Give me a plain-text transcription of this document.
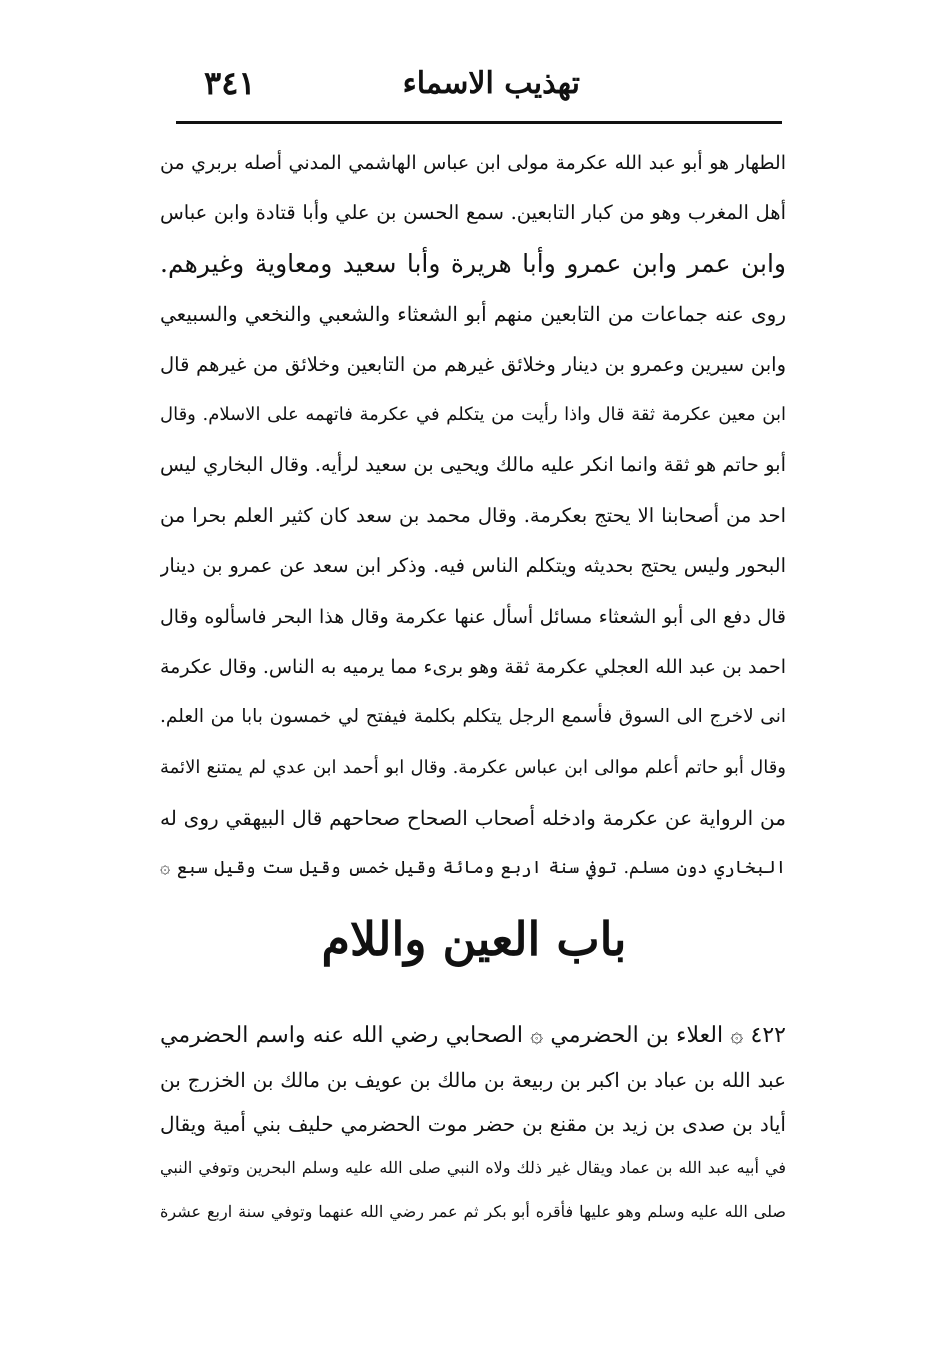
تهذيب الاسماء
٣٤١
الطهار هو أبو عبد الله عكرمة مولى ابن عباس الهاشمي المدني أصله بربري من
أهل المغرب وهو من كبار التابعين. سمع الحسن بن علي وأبا قتادة وابن عباس
وابن عمر وابن عمرو وأبا هريرة وأبا سعيد ومعاوية وغيرهم.
روى عنه جماعات من التابعين منهم أبو الشعثاء والشعبي والنخعي والسبيعي
وابن سيرين وعمرو بن دينار وخلائق غيرهم من التابعين وخلائق من غيرهم قال
ابن معين عكرمة ثقة قال واذا رأيت من يتكلم في عكرمة فاتهمه على الاسلام. وقال
أبو حاتم هو ثقة وانما انكر عليه مالك ويحيى بن سعيد لرأيه. وقال البخاري ليس
احد من أصحابنا الا يحتج بعكرمة. وقال محمد بن سعد كان كثير العلم بحرا من
البحور وليس يحتج بحديثه ويتكلم الناس فيه. وذكر ابن سعد عن عمرو بن دينار
قال دفع الى أبو الشعثاء مسائل أسأل عنها عكرمة وقال هذا البحر فاسألوه وقال
احمد بن عبد الله العجلي عكرمة ثقة وهو برىء مما يرميه به الناس. وقال عكرمة
انى لاخرج الى السوق فأسمع الرجل يتكلم بكلمة فيفتح لي خمسون بابا من العلم.
وقال أبو حاتم أعلم موالى ابن عباس عكرمة. وقال ابو أحمد ابن عدي لم يمتنع الائمة
من الرواية عن عكرمة وادخله أصحاب الصحاح صحاحهم قال البيهقي روى له
البخاري دون مسلم. توفي سنة اربع ومائة وقيل خمس وقيل ست وقيل سبع ۞
باب العين واللام
٤٢٢ ۞ العلاء بن الحضرمي ۞ الصحابي رضي الله عنه واسم الحضرمي
عبد الله بن عباد بن اكبر بن ربيعة بن مالك بن عويف بن مالك بن الخزرج بن
أياد بن صدى بن زيد بن مقنع بن حضر موت الحضرمي حليف بني أمية ويقال
في أبيه عبد الله بن عماد ويقال غير ذلك ولاه النبي صلى الله عليه وسلم البحرين وتوفي النبي
صلى الله عليه وسلم وهو عليها فأقره أبو بكر ثم عمر رضي الله عنهما وتوفي سنة اربع عشرة
